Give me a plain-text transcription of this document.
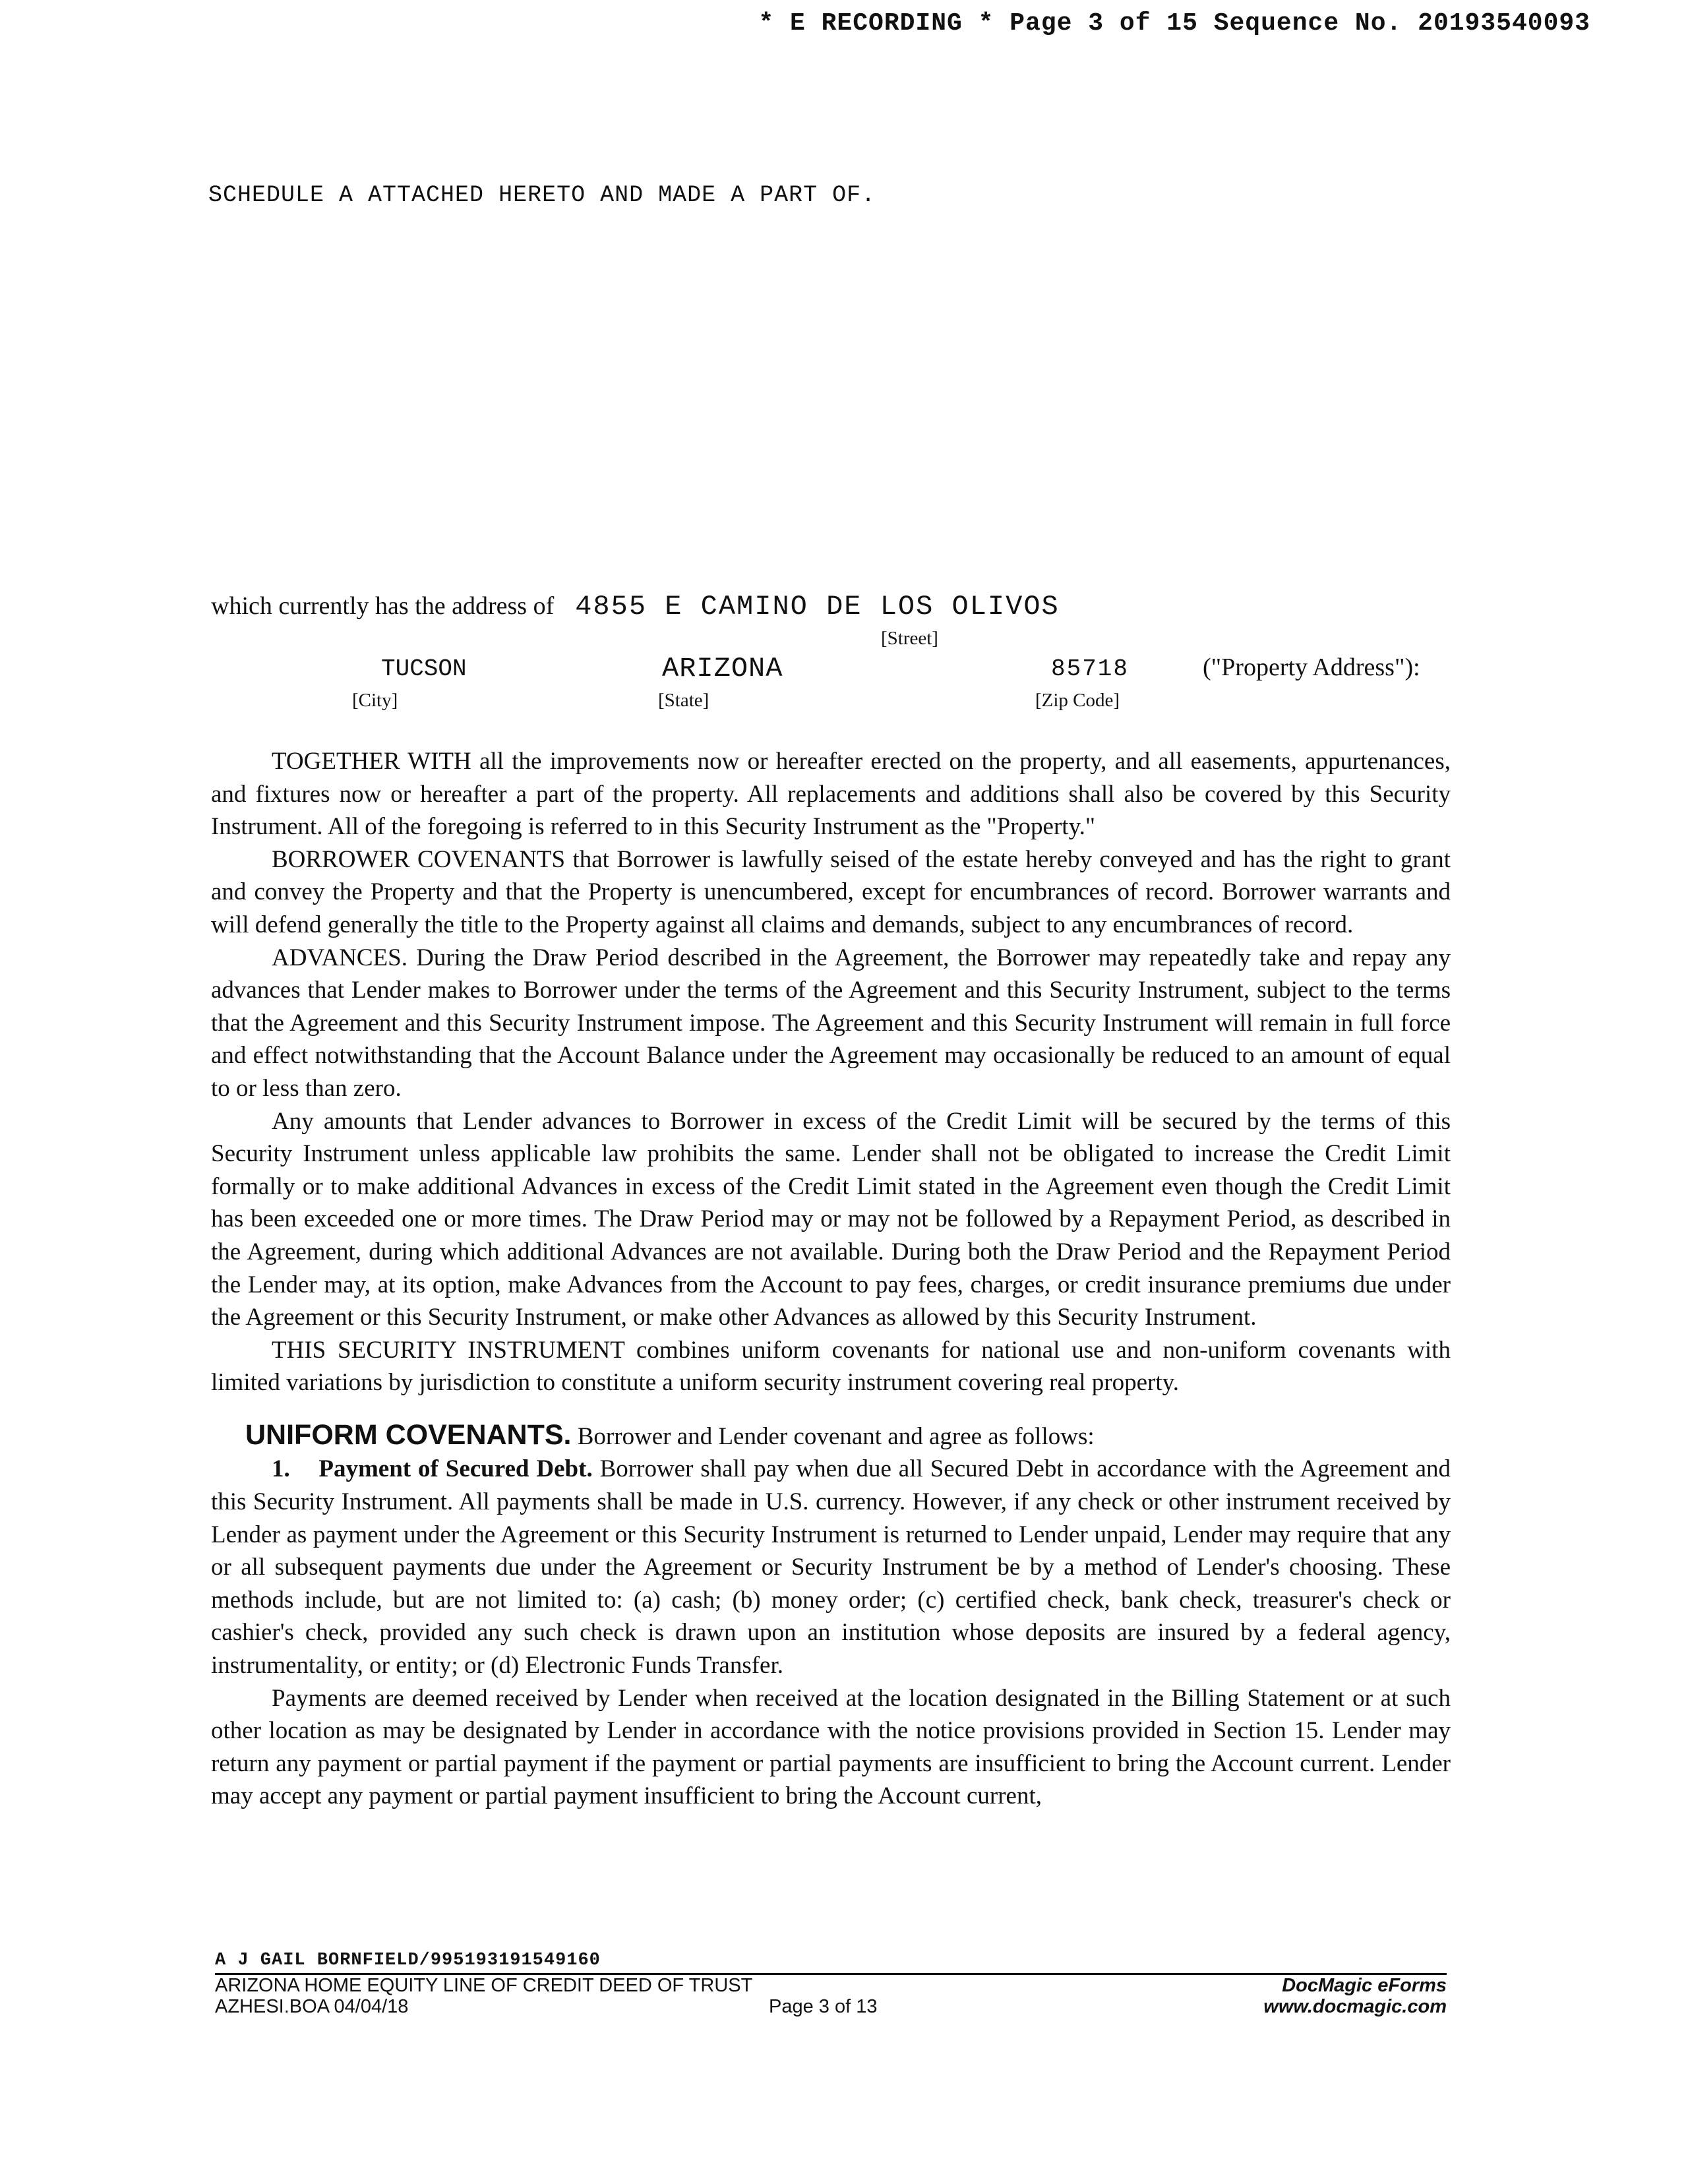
* E RECORDING * Page 3 of 15 Sequence No. 20193540093
SCHEDULE A ATTACHED HERETO AND MADE A PART OF.
which currently has the address of 4855 E CAMINO DE LOS OLIVOS
[Street]
TUCSON	ARIZONA	85718	("Property Address"):
[City]	[State]	[Zip Code]

TOGETHER WITH all the improvements now or hereafter erected on the property, and all easements, appurtenances, and fixtures now or hereafter a part of the property. All replacements and additions shall also be covered by this Security Instrument. All of the foregoing is referred to in this Security Instrument as the "Property."

BORROWER COVENANTS that Borrower is lawfully seised of the estate hereby conveyed and has the right to grant and convey the Property and that the Property is unencumbered, except for encumbrances of record. Borrower warrants and will defend generally the title to the Property against all claims and demands, subject to any encumbrances of record.

ADVANCES. During the Draw Period described in the Agreement, the Borrower may repeatedly take and repay any advances that Lender makes to Borrower under the terms of the Agreement and this Security Instrument, subject to the terms that the Agreement and this Security Instrument impose. The Agreement and this Security Instrument will remain in full force and effect notwithstanding that the Account Balance under the Agreement may occasionally be reduced to an amount of equal to or less than zero.

Any amounts that Lender advances to Borrower in excess of the Credit Limit will be secured by the terms of this Security Instrument unless applicable law prohibits the same. Lender shall not be obligated to increase the Credit Limit formally or to make additional Advances in excess of the Credit Limit stated in the Agreement even though the Credit Limit has been exceeded one or more times. The Draw Period may or may not be followed by a Repayment Period, as described in the Agreement, during which additional Advances are not available. During both the Draw Period and the Repayment Period the Lender may, at its option, make Advances from the Account to pay fees, charges, or credit insurance premiums due under the Agreement or this Security Instrument, or make other Advances as allowed by this Security Instrument.

THIS SECURITY INSTRUMENT combines uniform covenants for national use and non-uniform covenants with limited variations by jurisdiction to constitute a uniform security instrument covering real property.

UNIFORM COVENANTS. Borrower and Lender covenant and agree as follows:

1. Payment of Secured Debt. Borrower shall pay when due all Secured Debt in accordance with the Agreement and this Security Instrument. All payments shall be made in U.S. currency. However, if any check or other instrument received by Lender as payment under the Agreement or this Security Instrument is returned to Lender unpaid, Lender may require that any or all subsequent payments due under the Agreement or Security Instrument be by a method of Lender's choosing. These methods include, but are not limited to: (a) cash; (b) money order; (c) certified check, bank check, treasurer's check or cashier's check, provided any such check is drawn upon an institution whose deposits are insured by a federal agency, instrumentality, or entity; or (d) Electronic Funds Transfer.

Payments are deemed received by Lender when received at the location designated in the Billing Statement or at such other location as may be designated by Lender in accordance with the notice provisions provided in Section 15. Lender may return any payment or partial payment if the payment or partial payments are insufficient to bring the Account current. Lender may accept any payment or partial payment insufficient to bring the Account current,

A J GAIL BORNFIELD/995193191549160
ARIZONA HOME EQUITY LINE OF CREDIT DEED OF TRUST	DocMagic eForms
AZHESI.BOA 04/04/18	Page 3 of 13	www.docmagic.com
